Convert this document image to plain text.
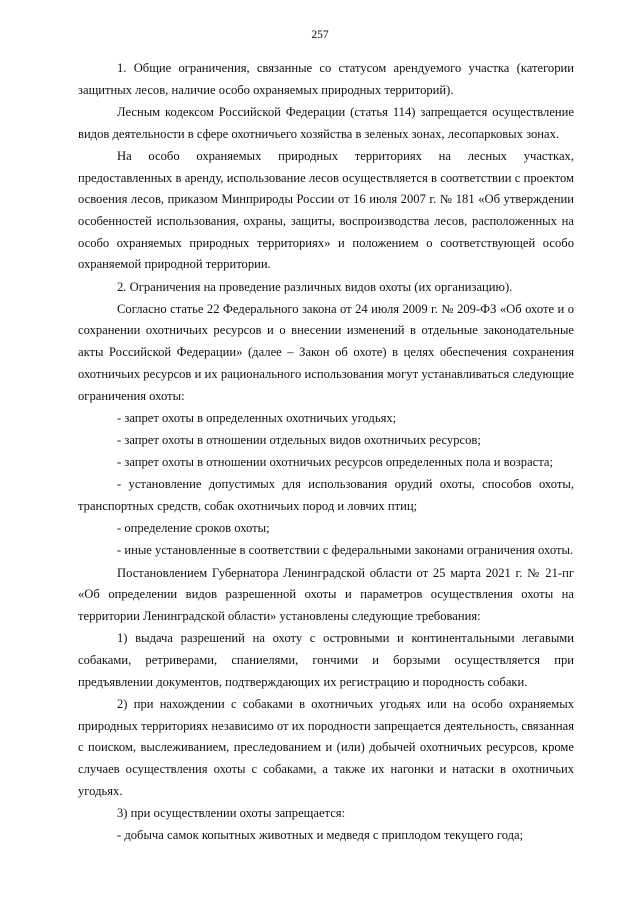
257

1. Общие ограничения, связанные со статусом арендуемого участка (категории защитных лесов, наличие особо охраняемых природных территорий).

Лесным кодексом Российской Федерации (статья 114) запрещается осуществление видов деятельности в сфере охотничьего хозяйства в зеленых зонах, лесопарковых зонах.

На особо охраняемых природных территориях на лесных участках, предоставленных в аренду, использование лесов осуществляется в соответствии с проектом освоения лесов, приказом Минприроды России от 16 июля 2007 г. № 181 «Об утверждении особенностей использования, охраны, защиты, воспроизводства лесов, расположенных на особо охраняемых природных территориях» и положением о соответствующей особо охраняемой природной территории.

2. Ограничения на проведение различных видов охоты (их организацию).

Согласно статье 22 Федерального закона от 24 июля 2009 г. № 209-ФЗ «Об охоте и о сохранении охотничьих ресурсов и о внесении изменений в отдельные законодательные акты Российской Федерации» (далее – Закон об охоте) в целях обеспечения сохранения охотничьих ресурсов и их рационального использования могут устанавливаться следующие ограничения охоты:

- запрет охоты в определенных охотничьих угодьях;

- запрет охоты в отношении отдельных видов охотничьих ресурсов;

- запрет охоты в отношении охотничьих ресурсов определенных пола и возраста;

- установление допустимых для использования орудий охоты, способов охоты, транспортных средств, собак охотничьих пород и ловчих птиц;

- определение сроков охоты;

- иные установленные в соответствии с федеральными законами ограничения охоты.

Постановлением Губернатора Ленинградской области от 25 марта 2021 г. № 21-пг «Об определении видов разрешенной охоты и параметров осуществления охоты на территории Ленинградской области» установлены следующие требования:

1) выдача разрешений на охоту с островными и континентальными легавыми собаками, ретриверами, спаниелями, гончими и борзыми осуществляется при предъявлении документов, подтверждающих их регистрацию и породность собаки.

2) при нахождении с собаками в охотничьих угодьях или на особо охраняемых природных территориях независимо от их породности запрещается деятельность, связанная с поиском, выслеживанием, преследованием и (или) добычей охотничьих ресурсов, кроме случаев осуществления охоты с собаками, а также их нагонки и натаски в охотничьих угодьях.

3) при осуществлении охоты запрещается:

- добыча самок копытных животных и медведя с приплодом текущего года;
